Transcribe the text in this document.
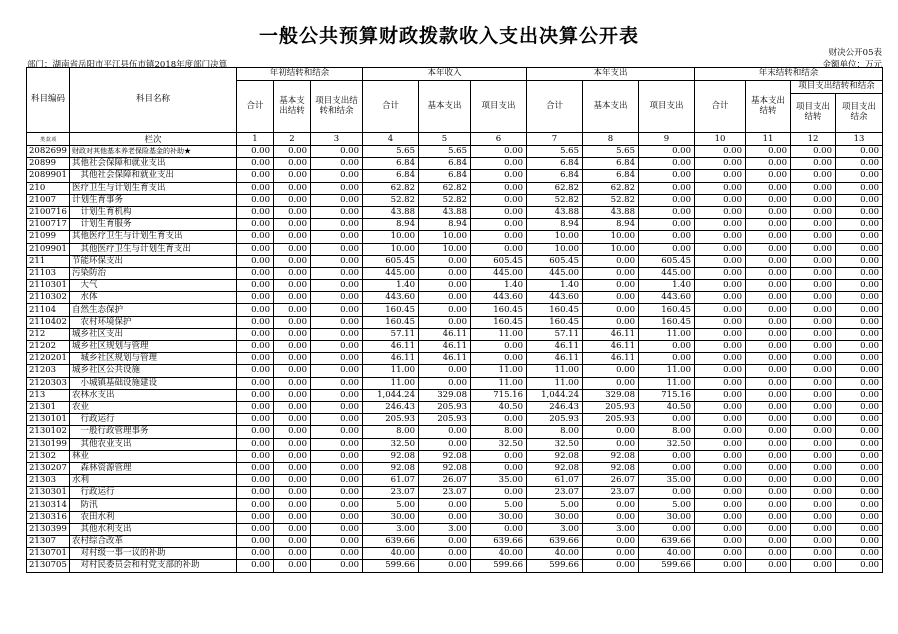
一般公共预算财政拨款收入支出决算公开表
财决公开05表
部门：湖南省岳阳市平江县伍市镇2018年度部门决算	金额单位：万元
科目编码	科目名称	年初结转和结余			本年收入			本年支出			年末结转和结余			
		合计	基本支出结转	项目支出结转和结余	合计	基本支出	项目支出	合计	基本支出	项目支出	合计	基本支出结转	项目支出结转和结余	
													项目支出结转	项目支出结余
类 款 项	栏次	1	2	3	4	5	6	7	8	9	10	11	12	13
2082699	财政对其他基本养老保险基金的补助★	0.00	0.00	0.00	5.65	5.65	0.00	5.65	5.65	0.00	0.00	0.00	0.00	0.00
20899	其他社会保障和就业支出	0.00	0.00	0.00	6.84	6.84	0.00	6.84	6.84	0.00	0.00	0.00	0.00	0.00
2089901	　其他社会保障和就业支出	0.00	0.00	0.00	6.84	6.84	0.00	6.84	6.84	0.00	0.00	0.00	0.00	0.00
210	医疗卫生与计划生育支出	0.00	0.00	0.00	62.82	62.82	0.00	62.82	62.82	0.00	0.00	0.00	0.00	0.00
21007	计划生育事务	0.00	0.00	0.00	52.82	52.82	0.00	52.82	52.82	0.00	0.00	0.00	0.00	0.00
2100716	　计划生育机构	0.00	0.00	0.00	43.88	43.88	0.00	43.88	43.88	0.00	0.00	0.00	0.00	0.00
2100717	　计划生育服务	0.00	0.00	0.00	8.94	8.94	0.00	8.94	8.94	0.00	0.00	0.00	0.00	0.00
21099	其他医疗卫生与计划生育支出	0.00	0.00	0.00	10.00	10.00	0.00	10.00	10.00	0.00	0.00	0.00	0.00	0.00
2109901	　其他医疗卫生与计划生育支出	0.00	0.00	0.00	10.00	10.00	0.00	10.00	10.00	0.00	0.00	0.00	0.00	0.00
211	节能环保支出	0.00	0.00	0.00	605.45	0.00	605.45	605.45	0.00	605.45	0.00	0.00	0.00	0.00
21103	污染防治	0.00	0.00	0.00	445.00	0.00	445.00	445.00	0.00	445.00	0.00	0.00	0.00	0.00
2110301	　大气	0.00	0.00	0.00	1.40	0.00	1.40	1.40	0.00	1.40	0.00	0.00	0.00	0.00
2110302	　水体	0.00	0.00	0.00	443.60	0.00	443.60	443.60	0.00	443.60	0.00	0.00	0.00	0.00
21104	自然生态保护	0.00	0.00	0.00	160.45	0.00	160.45	160.45	0.00	160.45	0.00	0.00	0.00	0.00
2110402	　农村环境保护	0.00	0.00	0.00	160.45	0.00	160.45	160.45	0.00	160.45	0.00	0.00	0.00	0.00
212	城乡社区支出	0.00	0.00	0.00	57.11	46.11	11.00	57.11	46.11	11.00	0.00	0.00	0.00	0.00
21202	城乡社区规划与管理	0.00	0.00	0.00	46.11	46.11	0.00	46.11	46.11	0.00	0.00	0.00	0.00	0.00
2120201	　城乡社区规划与管理	0.00	0.00	0.00	46.11	46.11	0.00	46.11	46.11	0.00	0.00	0.00	0.00	0.00
21203	城乡社区公共设施	0.00	0.00	0.00	11.00	0.00	11.00	11.00	0.00	11.00	0.00	0.00	0.00	0.00
2120303	　小城镇基础设施建设	0.00	0.00	0.00	11.00	0.00	11.00	11.00	0.00	11.00	0.00	0.00	0.00	0.00
213	农林水支出	0.00	0.00	0.00	1,044.24	329.08	715.16	1,044.24	329.08	715.16	0.00	0.00	0.00	0.00
21301	农业	0.00	0.00	0.00	246.43	205.93	40.50	246.43	205.93	40.50	0.00	0.00	0.00	0.00
2130101	　行政运行	0.00	0.00	0.00	205.93	205.93	0.00	205.93	205.93	0.00	0.00	0.00	0.00	0.00
2130102	　一般行政管理事务	0.00	0.00	0.00	8.00	0.00	8.00	8.00	0.00	8.00	0.00	0.00	0.00	0.00
2130199	　其他农业支出	0.00	0.00	0.00	32.50	0.00	32.50	32.50	0.00	32.50	0.00	0.00	0.00	0.00
21302	林业	0.00	0.00	0.00	92.08	92.08	0.00	92.08	92.08	0.00	0.00	0.00	0.00	0.00
2130207	　森林资源管理	0.00	0.00	0.00	92.08	92.08	0.00	92.08	92.08	0.00	0.00	0.00	0.00	0.00
21303	水利	0.00	0.00	0.00	61.07	26.07	35.00	61.07	26.07	35.00	0.00	0.00	0.00	0.00
2130301	　行政运行	0.00	0.00	0.00	23.07	23.07	0.00	23.07	23.07	0.00	0.00	0.00	0.00	0.00
2130314	　防汛	0.00	0.00	0.00	5.00	0.00	5.00	5.00	0.00	5.00	0.00	0.00	0.00	0.00
2130316	　农田水利	0.00	0.00	0.00	30.00	0.00	30.00	30.00	0.00	30.00	0.00	0.00	0.00	0.00
2130399	　其他水利支出	0.00	0.00	0.00	3.00	3.00	0.00	3.00	3.00	0.00	0.00	0.00	0.00	0.00
21307	农村综合改革	0.00	0.00	0.00	639.66	0.00	639.66	639.66	0.00	639.66	0.00	0.00	0.00	0.00
2130701	　对村级一事一议的补助	0.00	0.00	0.00	40.00	0.00	40.00	40.00	0.00	40.00	0.00	0.00	0.00	0.00
2130705	　对村民委员会和村党支部的补助	0.00	0.00	0.00	599.66	0.00	599.66	599.66	0.00	599.66	0.00	0.00	0.00	0.00
